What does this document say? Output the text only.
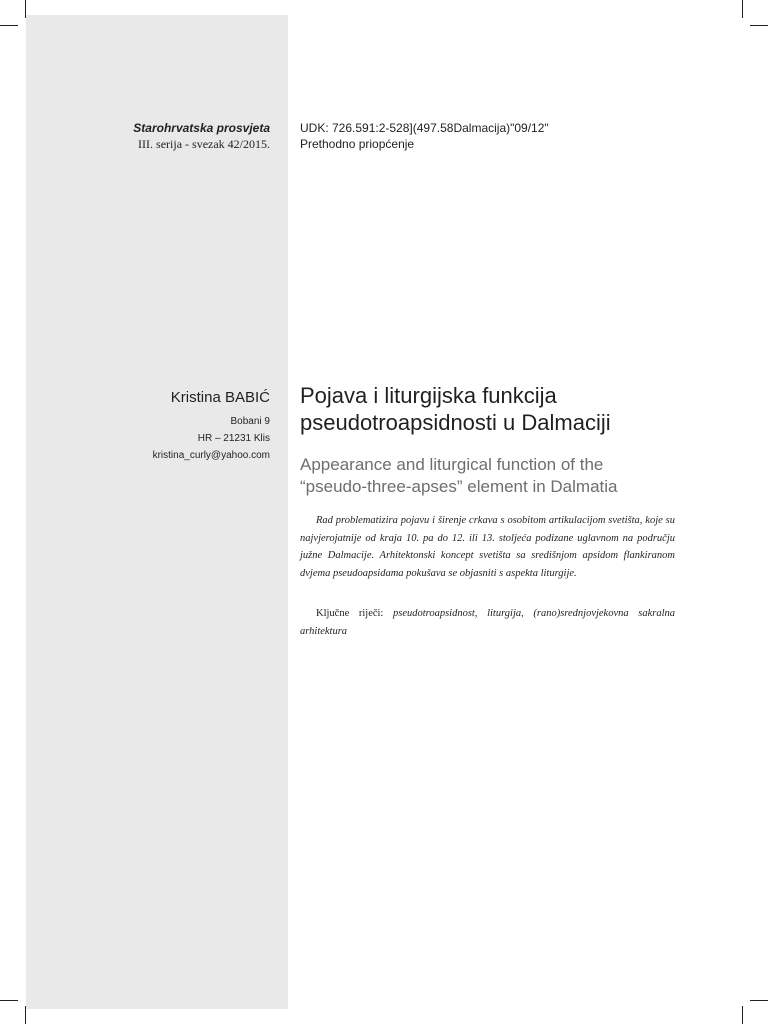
Starohrvatska prosvjeta
III. serija - svezak 42/2015.
UDK: 726.591:2-528](497.58Dalmacija)"09/12"
Prethodno priopćenje
Kristina BABIĆ
Bobani 9
HR – 21231 Klis
kristina_curly@yahoo.com
Pojava i liturgijska funkcija
pseudotroapsidnosti u Dalmaciji
Appearance and liturgical function of the
“pseudo-three-apses” element in Dalmatia

Rad problematizira pojavu i širenje crkava s osobitom artikulacijom svetišta, koje su najvjerojatnije od kraja 10. pa do 12. ili 13. stoljeća podizane uglavnom na području južne Dalmacije. Arhitektonski koncept svetišta sa središnjom apsidom flankiranom dvjema pseudoapsidama pokušava se objasniti s aspekta liturgije.

Ključne riječi: pseudotroapsidnost, liturgija, (rano)srednjovjekovna sakralna arhitektura
